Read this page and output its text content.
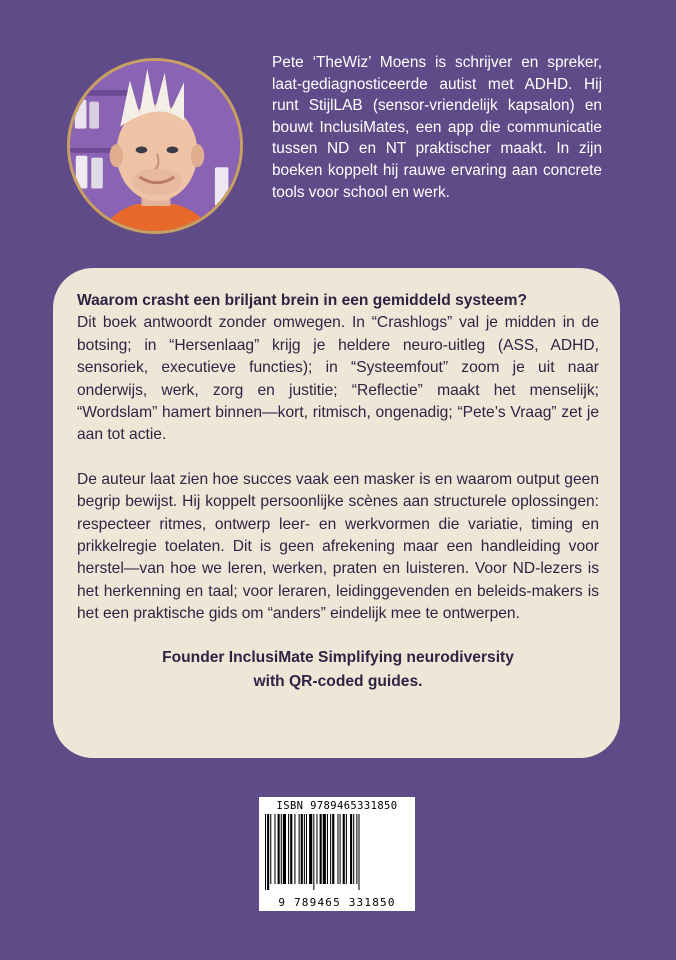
Pete ‘TheWiz’ Moens is schrijver en spreker, laat-gediagnosticeerde autist met ADHD. Hij runt StijlLAB (sensor-vriendelijk kapsalon) en bouwt InclusiMates, een app die communicatie tussen ND en NT praktischer maakt. In zijn boeken koppelt hij rauwe ervaring aan concrete tools voor school en werk.

Waarom crasht een briljant brein in een gemiddeld systeem?
Dit boek antwoordt zonder omwegen. In “Crashlogs” val je midden in de botsing; in “Hersenlaag” krijg je heldere neuro-uitleg (ASS, ADHD, sensoriek, executieve functies); in “Systeemfout” zoom je uit naar onderwijs, werk, zorg en justitie; “Reflectie” maakt het menselijk; “Wordslam” hamert binnen—kort, ritmisch, ongenadig; “Pete’s Vraag” zet je aan tot actie.

De auteur laat zien hoe succes vaak een masker is en waarom output geen begrip bewijst. Hij koppelt persoonlijke scènes aan structurele oplossingen: respecteer ritmes, ontwerp leer- en werkvormen die variatie, timing en prikkelregie toelaten. Dit is geen afrekening maar een handleiding voor herstel—van hoe we leren, werken, praten en luisteren. Voor ND-lezers is het herkenning en taal; voor leraren, leidinggevenden en beleids-makers is het een praktische gids om “anders” eindelijk mee te ontwerpen.

Founder InclusiMate Simplifying neurodiversity
with QR-coded guides.

ISBN 9789465331850
9 789465 331850
